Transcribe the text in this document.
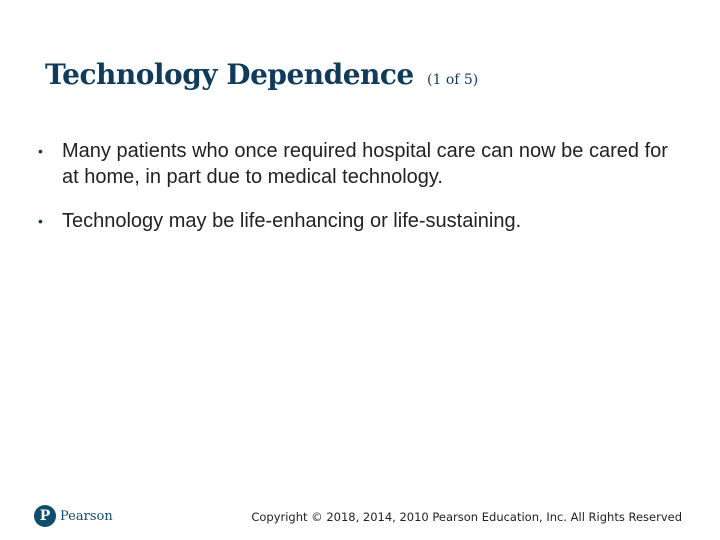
Technology Dependence (1 of 5)
• Many patients who once required hospital care can now be cared for at home, in part due to medical technology.
• Technology may be life-enhancing or life-sustaining.
P Pearson	Copyright © 2018, 2014, 2010 Pearson Education, Inc. All Rights Reserved
